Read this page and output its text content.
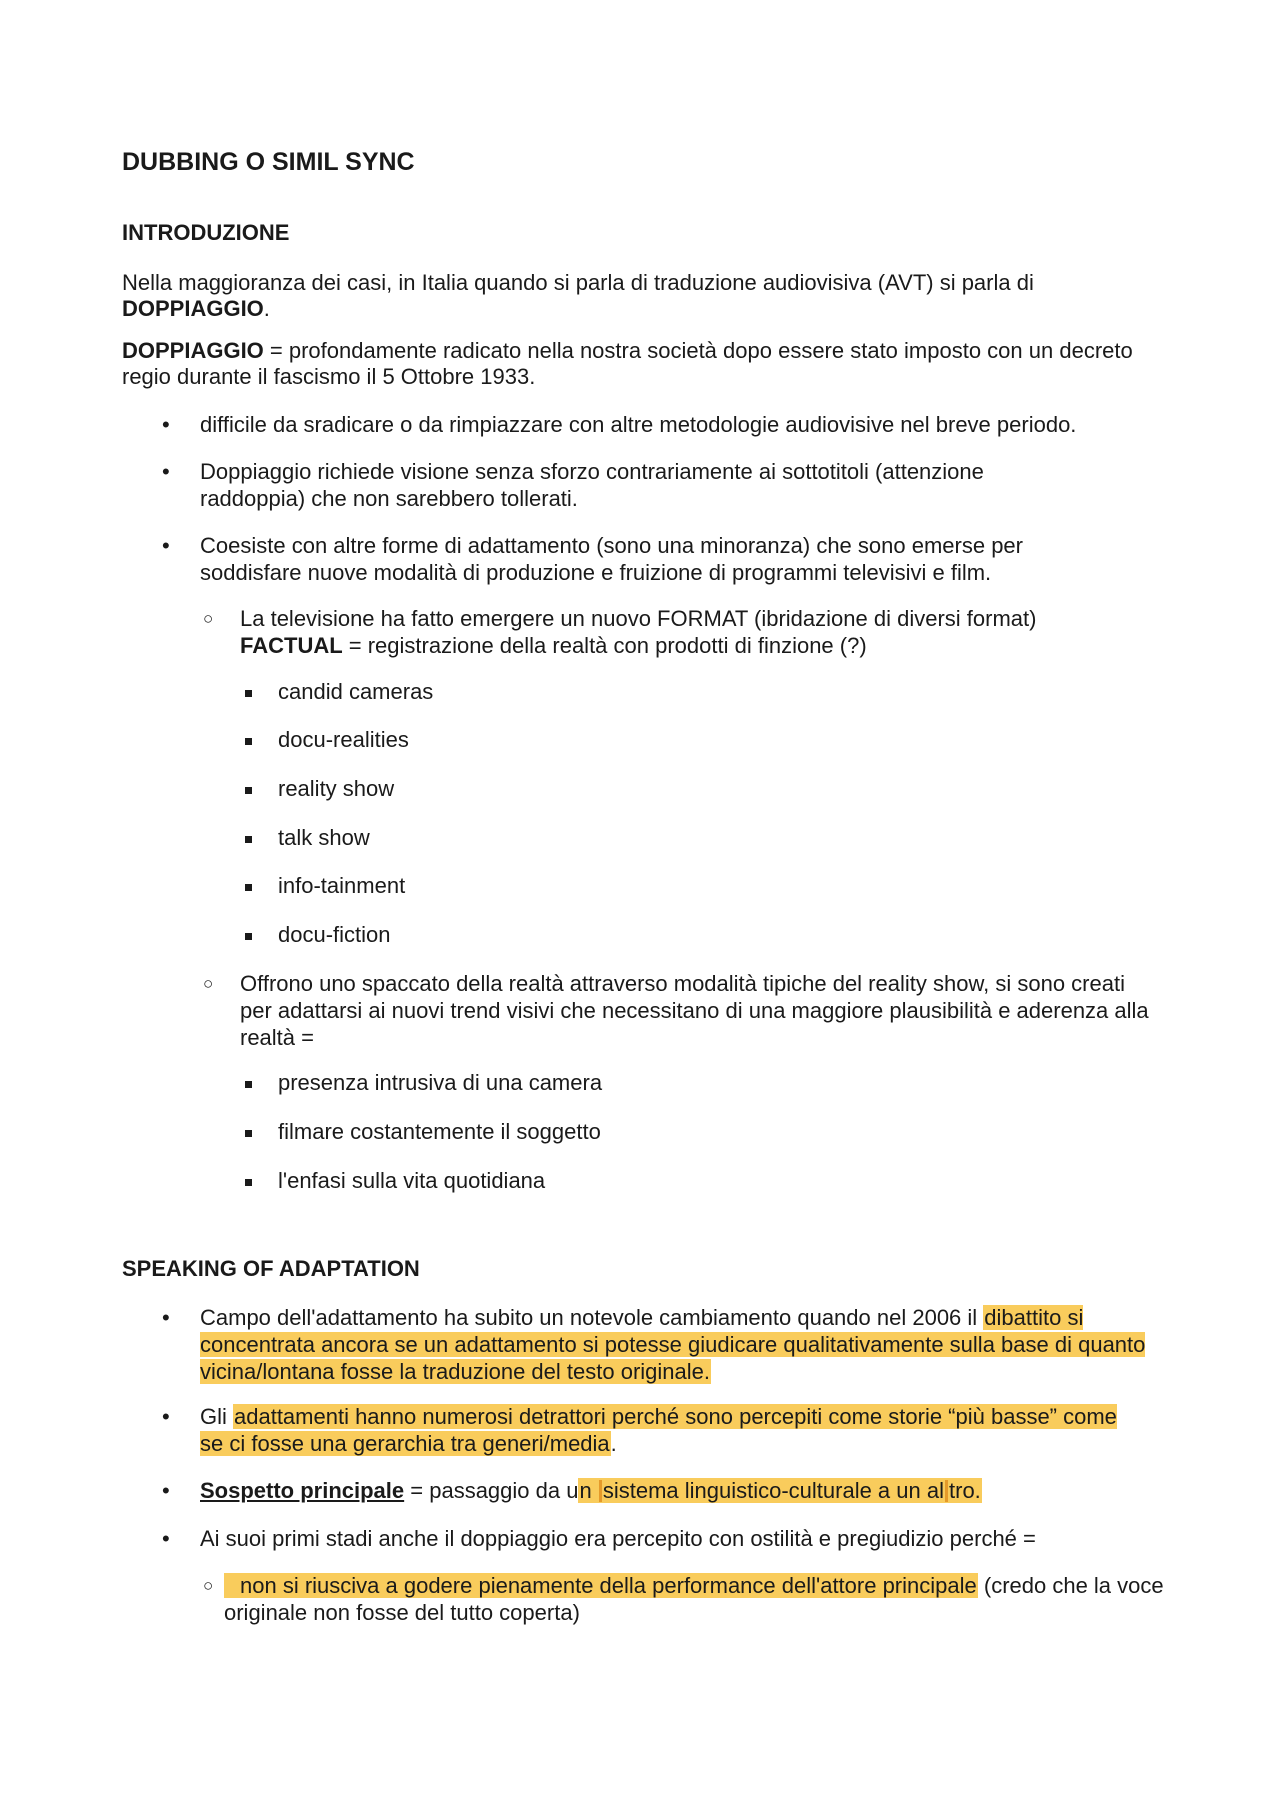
DUBBING O SIMIL SYNC
INTRODUZIONE

Nella maggioranza dei casi, in Italia quando si parla di traduzione audiovisiva (AVT) si parla di
DOPPIAGGIO.

DOPPIAGGIO = profondamente radicato nella nostra società dopo essere stato imposto con un decreto regio durante il fascismo il 5 Ottobre 1933.

• difficile da sradicare o da rimpiazzare con altre metodologie audiovisive nel breve periodo.
• Doppiaggio richiede visione senza sforzo contrariamente ai sottotitoli (attenzione raddoppia) che non sarebbero tollerati.
• Coesiste con altre forme di adattamento (sono una minoranza) che sono emerse per soddisfare nuove modalità di produzione e fruizione di programmi televisivi e film.
○ La televisione ha fatto emergere un nuovo FORMAT (ibridazione di diversi format)
FACTUAL = registrazione della realtà con prodotti di finzione (?)
candid cameras
docu-realities
reality show
talk show
info-tainment
docu-fiction
○ Offrono uno spaccato della realtà attraverso modalità tipiche del reality show, si sono creati per adattarsi ai nuovi trend visivi che necessitano di una maggiore plausibilità e aderenza alla realtà =
presenza intrusiva di una camera
filmare costantemente il soggetto
l'enfasi sulla vita quotidiana
SPEAKING OF ADAPTATION
• Campo dell'adattamento ha subito un notevole cambiamento quando nel 2006 il dibattito si concentrata ancora se un adattamento si potesse giudicare qualitativamente sulla base di quanto vicina/lontana fosse la traduzione del testo originale.
• Gli adattamenti hanno numerosi detrattori perché sono percepiti come storie “più basse” come se ci fosse una gerarchia tra generi/media.
• Sospetto principale = passaggio da un sistema linguistico-culturale a un al tro.
• Ai suoi primi stadi anche il doppiaggio era percepito con ostilità e pregiudizio perché =
○	non si riusciva a godere pienamente della performance dell'attore principale (credo che la voce originale non fosse del tutto coperta)
